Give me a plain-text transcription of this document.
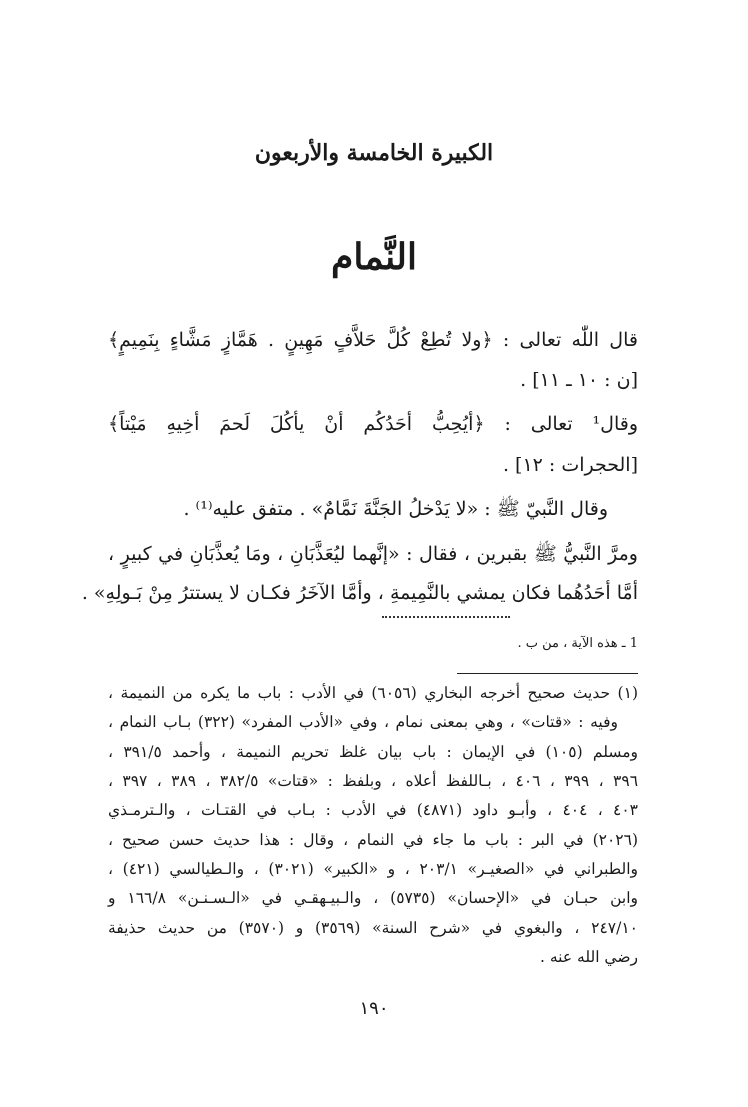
الكبيرة الخامسة والأربعون
النَّمام
قال اللّٰه تعالى : ﴿ولا تُطِعْ كُلَّ حَلاَّفٍ مَهِينٍ . هَمَّازٍ مَشَّاءٍ بِنَمِيمٍ﴾
[ن : ١٠ ـ ١١] .
وقال¹ تعالى : ﴿أيُحِبُّ أحَدُكُم أنْ يأكُلَ لَحمَ أخِيهِ مَيْتاً﴾
[الحجرات : ١٢] .
وقال النَّبيّ ﷺ : «لا يَدْخلُ الجَنَّةَ نَمَّامٌ» . متفق عليه⁽¹⁾ .
ومرَّ النَّبيُّ ﷺ بقبرين ، فقال : «إنَّهما ليُعَذَّبَانِ ، ومَا يُعذَّبَانِ في كبيرٍ ،
أمَّا أحَدُهُما فكان يمشي بالنَّمِيمةِ ، وأمَّا الآخَرُ فكـان لا يستترُ مِنْ بَـولِهِ» .
1 ـ هذه الآية ، من ب .
(١) حديث صحيح أخرجه البخاري (٦٠٥٦) في الأدب : باب ما يكره من النميمة ،
وفيه : «قتات» ، وهي بمعنى نمام ، وفي «الأدب المفرد» (٣٢٢) بـاب النمام ،
ومسلم (١٠٥) في الإيمان : باب بيان غلظ تحريم النميمة ، وأحمد ٣٩١/٥ ،
٣٩٦ ، ٣٩٩ ، ٤٠٦ ، بـاللفظ أعلاه ، وبلفظ : «قتات» ٣٨٢/٥ ، ٣٨٩ ، ٣٩٧ ،
٤٠٣ ، ٤٠٤ ، وأبـو داود (٤٨٧١) في الأدب : بـاب في القتـات ، والـترمـذي
(٢٠٢٦) في البر : باب ما جاء في النمام ، وقال : هذا حديث حسن صحيح ،
والطبراني في «الصغيـر» ٢٠٣/١ ، و «الكبير» (٣٠٢١) ، والـطيالسي (٤٢١) ،
وابن حبـان في «الإحسان» (٥٧٣٥) ، والـبيـهقـي في «الـسـنـن» ١٦٦/٨ و
٢٤٧/١٠ ، والبغوي في «شرح السنة» (٣٥٦٩) و (٣٥٧٠) من حديث حذيفة
رضي الله عنه .
١٩٠
